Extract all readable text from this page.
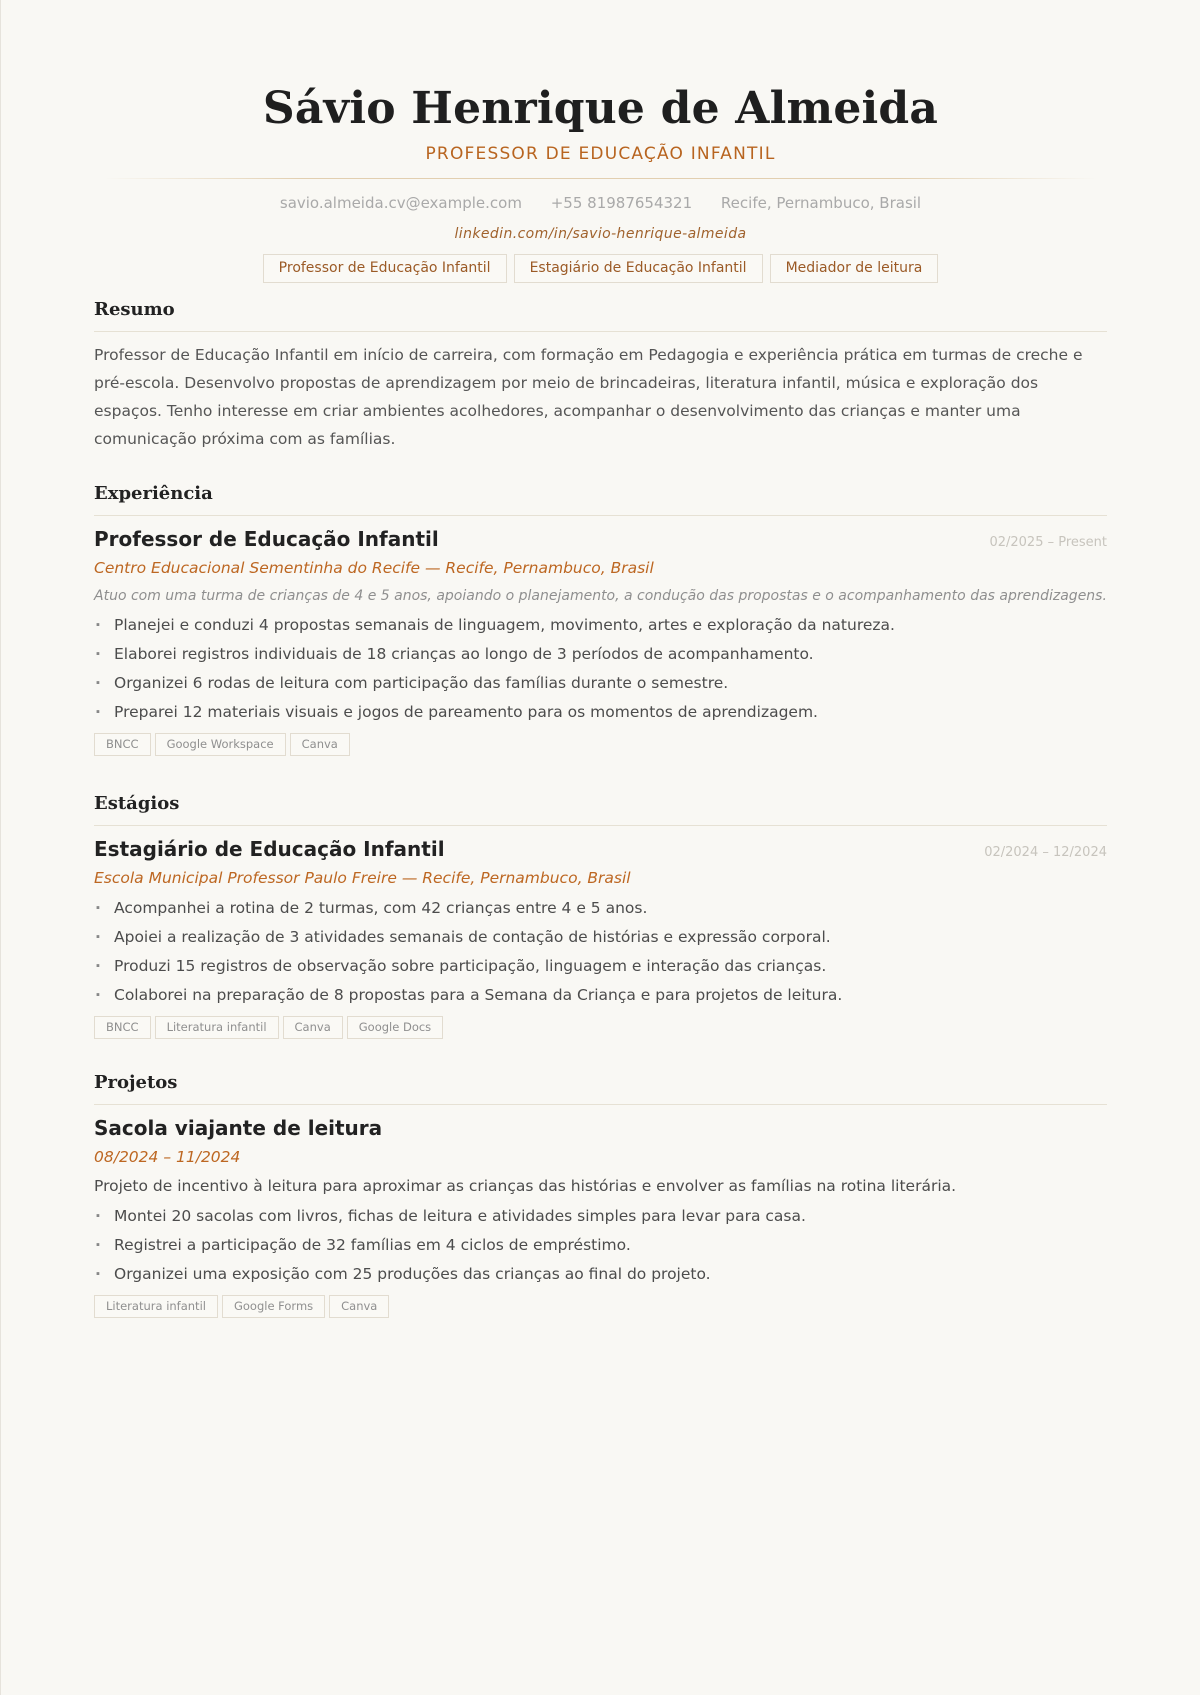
Sávio Henrique de Almeida
PROFESSOR DE EDUCAÇÃO INFANTIL
savio.almeida.cv@example.com +55 81987654321 Recife, Pernambuco, Brasil
linkedin.com/in/savio-henrique-almeida
Professor de Educação Infantil	Estagiário de Educação Infantil	Mediador de leitura
Resumo
Professor de Educação Infantil em início de carreira, com formação em Pedagogia e experiência prática em turmas de creche e pré-escola. Desenvolvo propostas de aprendizagem por meio de brincadeiras, literatura infantil, música e exploração dos espaços. Tenho interesse em criar ambientes acolhedores, acompanhar o desenvolvimento das crianças e manter uma comunicação próxima com as famílias.
Experiência
Professor de Educação Infantil	02/2025 – Present
Centro Educacional Sementinha do Recife — Recife, Pernambuco, Brasil
Atuo com uma turma de crianças de 4 e 5 anos, apoiando o planejamento, a condução das propostas e o acompanhamento das aprendizagens.
· Planejei e conduzi 4 propostas semanais de linguagem, movimento, artes e exploração da natureza.
· Elaborei registros individuais de 18 crianças ao longo de 3 períodos de acompanhamento.
· Organizei 6 rodas de leitura com participação das famílias durante o semestre.
· Preparei 12 materiais visuais e jogos de pareamento para os momentos de aprendizagem.
BNCC	Google Workspace	Canva
Estágios
Estagiário de Educação Infantil	02/2024 – 12/2024
Escola Municipal Professor Paulo Freire — Recife, Pernambuco, Brasil
· Acompanhei a rotina de 2 turmas, com 42 crianças entre 4 e 5 anos.
· Apoiei a realização de 3 atividades semanais de contação de histórias e expressão corporal.
· Produzi 15 registros de observação sobre participação, linguagem e interação das crianças.
· Colaborei na preparação de 8 propostas para a Semana da Criança e para projetos de leitura.
BNCC	Literatura infantil	Canva	Google Docs
Projetos
Sacola viajante de leitura
08/2024 – 11/2024
Projeto de incentivo à leitura para aproximar as crianças das histórias e envolver as famílias na rotina literária.
· Montei 20 sacolas com livros, fichas de leitura e atividades simples para levar para casa.
· Registrei a participação de 32 famílias em 4 ciclos de empréstimo.
· Organizei uma exposição com 25 produções das crianças ao final do projeto.
Literatura infantil	Google Forms	Canva
